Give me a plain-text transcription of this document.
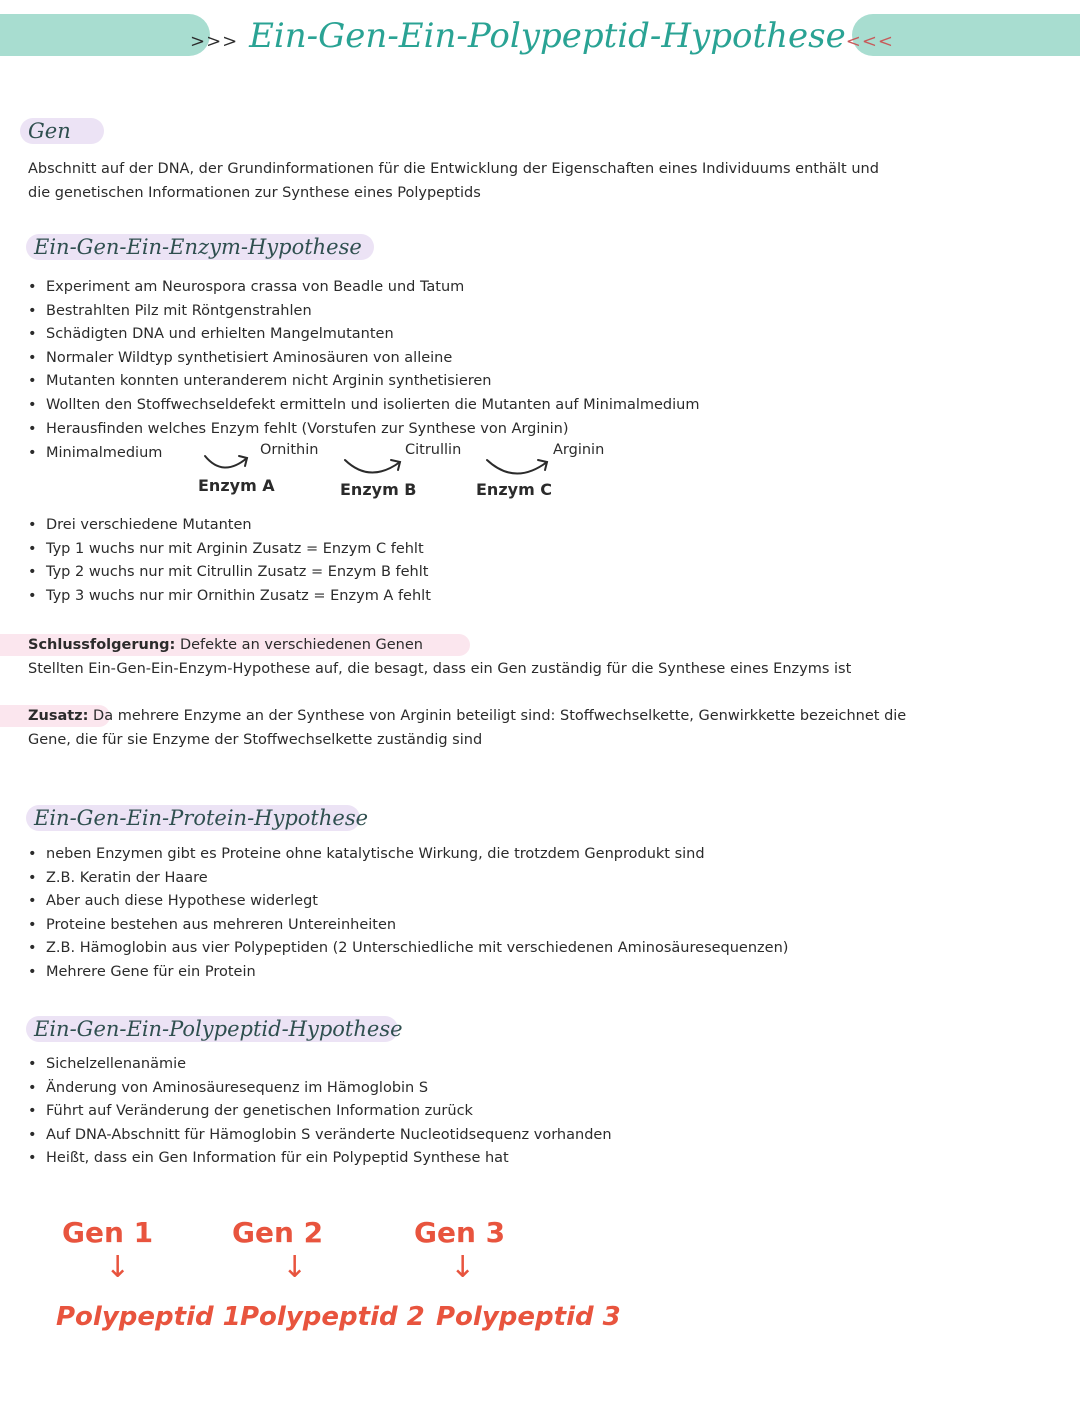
>>> Ein-Gen-Ein-Polypeptid-Hypothese<<<
Gen
Abschnitt auf der DNA, der Grundinformationen für die Entwicklung der Eigenschaften eines Individuums enthält und
die genetischen Informationen zur Synthese eines Polypeptids
Ein-Gen-Ein-Enzym-Hypothese
• Experiment am Neurospora crassa von Beadle und Tatum
• Bestrahlten Pilz mit Röntgenstrahlen
• Schädigten DNA und erhielten Mangelmutanten
• Normaler Wildtyp synthetisiert Aminosäuren von alleine
• Mutanten konnten unteranderem nicht Arginin synthetisieren
• Wollten den Stoffwechseldefekt ermitteln und isolierten die Mutanten auf Minimalmedium
• Herausfinden welches Enzym fehlt (Vorstufen zur Synthese von Arginin)
• Minimalmedium	Ornithin	Citrullin	Arginin
Enzym A	Enzym B	Enzym C
• Drei verschiedene Mutanten
• Typ 1 wuchs nur mit Arginin Zusatz = Enzym C fehlt
• Typ 2 wuchs nur mit Citrullin Zusatz = Enzym B fehlt
• Typ 3 wuchs nur mir Ornithin Zusatz = Enzym A fehlt
Schlussfolgerung: Defekte an verschiedenen Genen
Stellten Ein-Gen-Ein-Enzym-Hypothese auf, die besagt, dass ein Gen zuständig für die Synthese eines Enzyms ist
Zusatz: Da mehrere Enzyme an der Synthese von Arginin beteiligt sind: Stoffwechselkette, Genwirkkette bezeichnet die
Gene, die für sie Enzyme der Stoffwechselkette zuständig sind
Ein-Gen-Ein-Protein-Hypothese
• neben Enzymen gibt es Proteine ohne katalytische Wirkung, die trotzdem Genprodukt sind
• Z.B. Keratin der Haare
• Aber auch diese Hypothese widerlegt
• Proteine bestehen aus mehreren Untereinheiten
• Z.B. Hämoglobin aus vier Polypeptiden (2 Unterschiedliche mit verschiedenen Aminosäuresequenzen)
• Mehrere Gene für ein Protein
Ein-Gen-Ein-Polypeptid-Hypothese
• Sichelzellenanämie
• Änderung von Aminosäuresequenz im Hämoglobin S
• Führt auf Veränderung der genetischen Information zurück
• Auf DNA-Abschnitt für Hämoglobin S veränderte Nucleotidsequenz vorhanden
• Heißt, dass ein Gen Information für ein Polypeptid Synthese hat
Gen 1	Gen 2	Gen 3
↓	↓	↓
Polypeptid 1 Polypeptid 2 Polypeptid 3
